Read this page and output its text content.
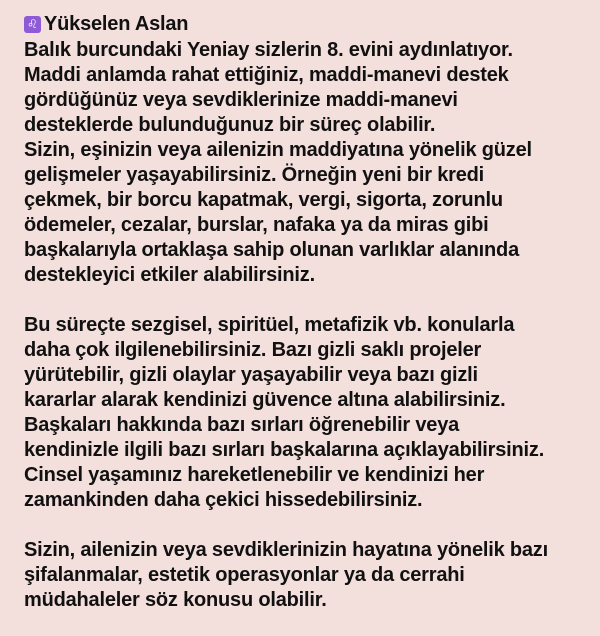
♌ Yükselen Aslan

Balık burcundaki Yeniay sizlerin 8. evini aydınlatıyor.
Maddi anlamda rahat ettiğiniz, maddi-manevi destek
gördüğünüz veya sevdiklerinize maddi-manevi
desteklerde bulunduğunuz bir süreç olabilir.
Sizin, eşinizin veya ailenizin maddiyatına yönelik güzel
gelişmeler yaşayabilirsiniz. Örneğin yeni bir kredi
çekmek, bir borcu kapatmak, vergi, sigorta, zorunlu
ödemeler, cezalar, burslar, nafaka ya da miras gibi
başkalarıyla ortaklaşa sahip olunan varlıklar alanında
destekleyici etkiler alabilirsiniz.

Bu süreçte sezgisel, spiritüel, metafizik vb. konularla
daha çok ilgilenebilirsiniz. Bazı gizli saklı projeler
yürütebilir, gizli olaylar yaşayabilir veya bazı gizli
kararlar alarak kendinizi güvence altına alabilirsiniz.
Başkaları hakkında bazı sırları öğrenebilir veya
kendinizle ilgili bazı sırları başkalarına açıklayabilirsiniz.
Cinsel yaşamınız hareketlenebilir ve kendinizi her
zamankinden daha çekici hissedebilirsiniz.

Sizin, ailenizin veya sevdiklerinizin hayatına yönelik bazı
şifalanmalar, estetik operasyonlar ya da cerrahi
müdahaleler söz konusu olabilir.
